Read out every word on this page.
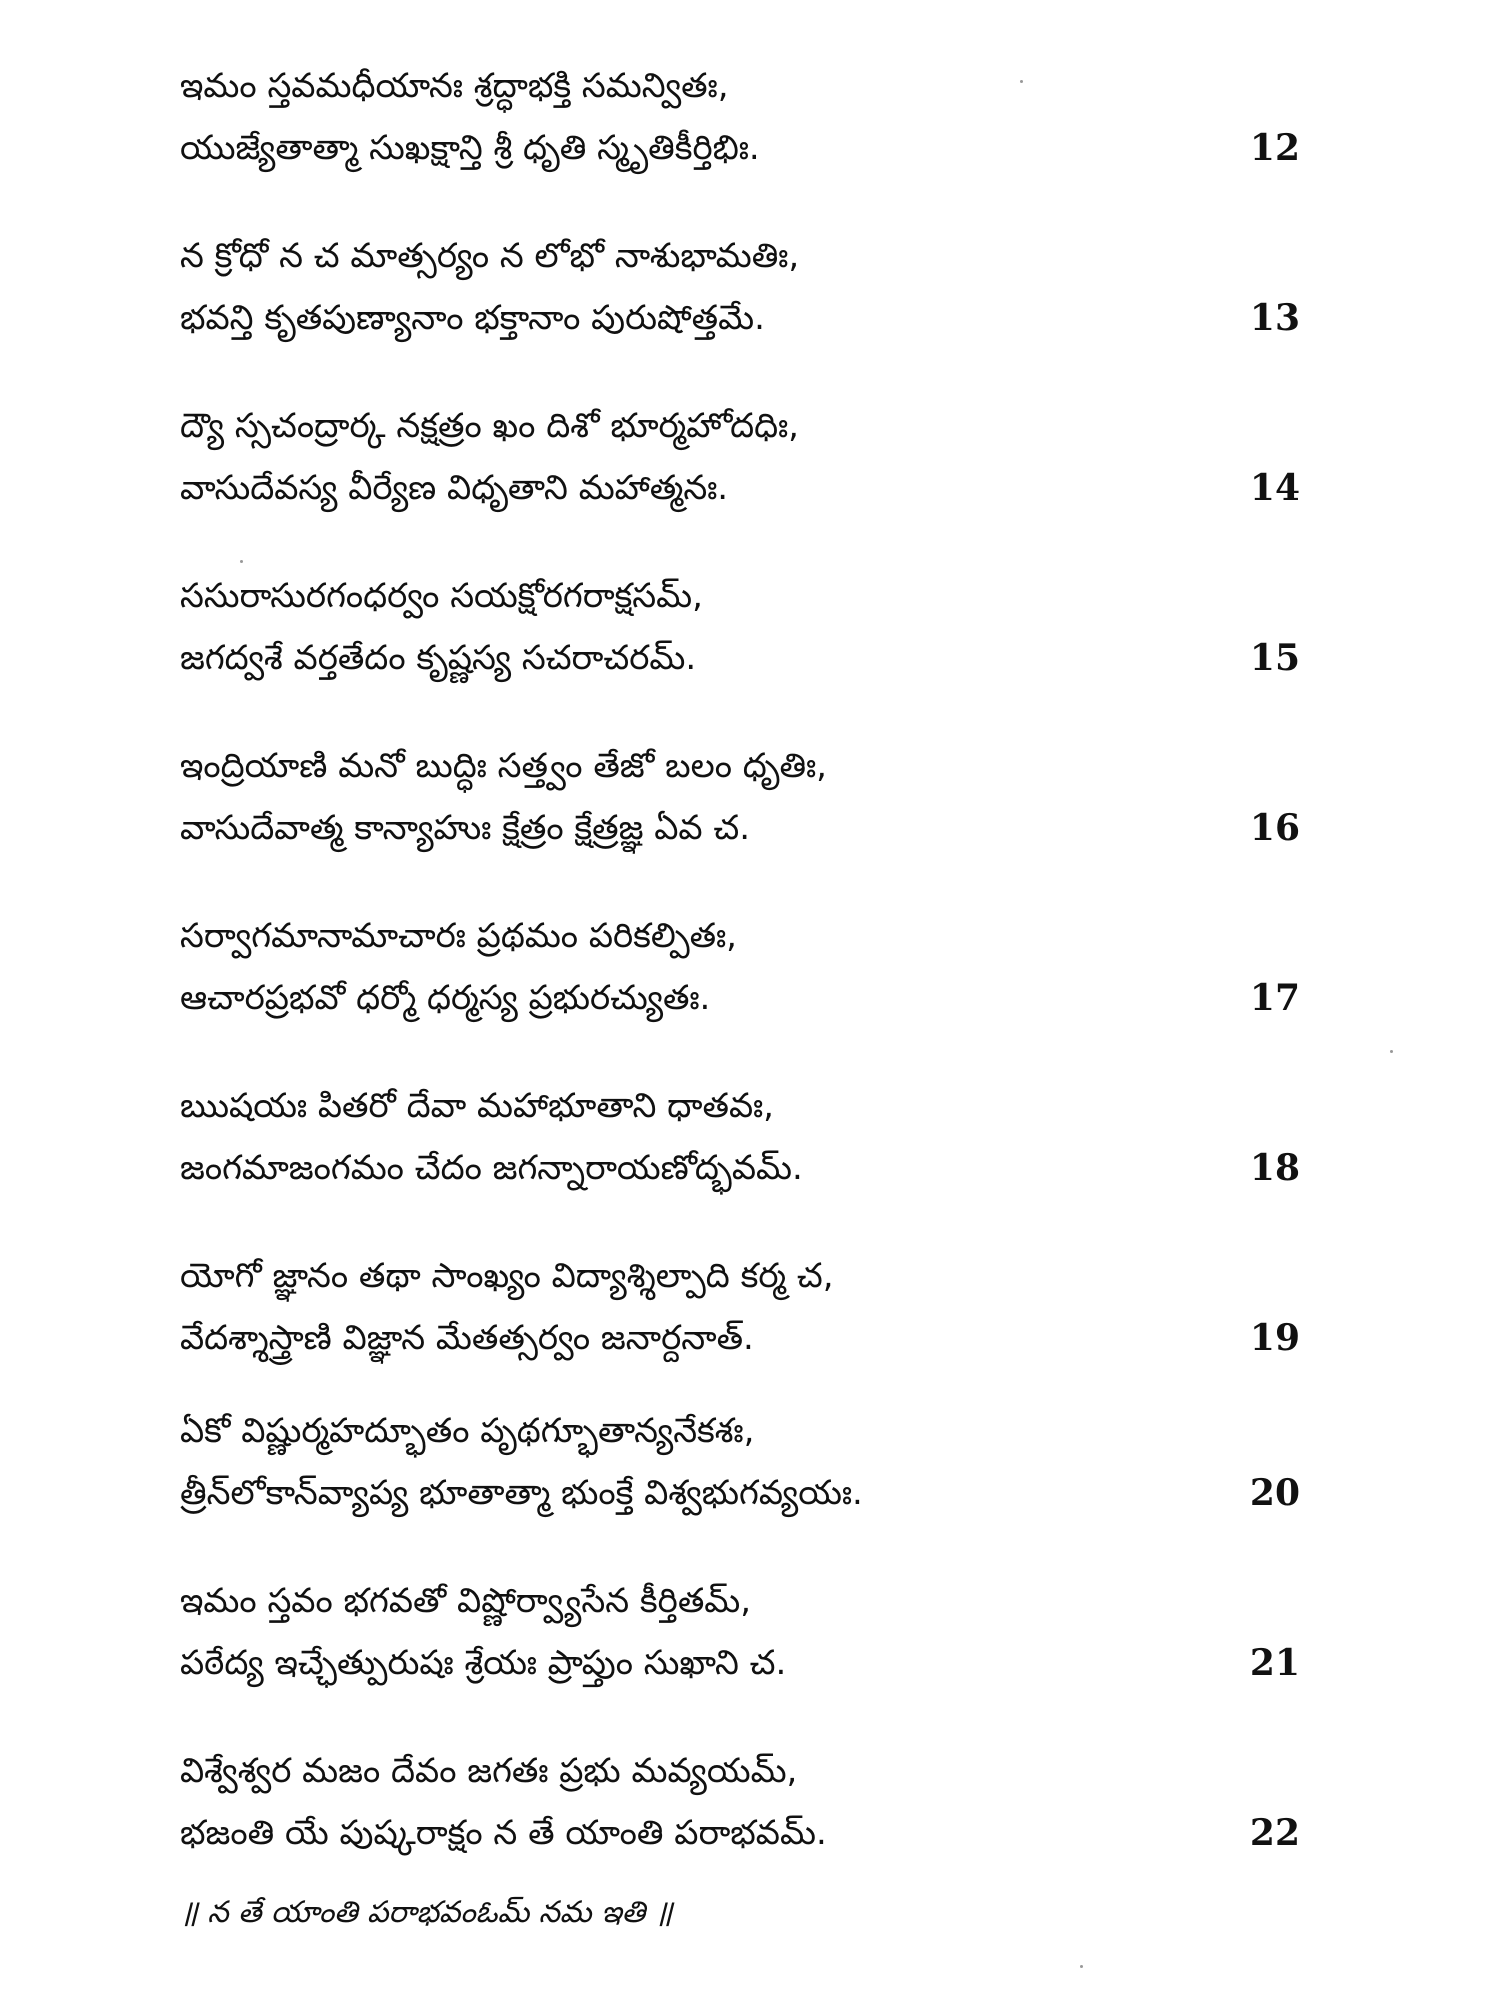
ఇమం స్తవమధీయానః శ్రద్ధాభక్తి సమన్వితః,
యుజ్యేతాత్మా సుఖక్షాన్తి శ్రీ ధృతి స్మృతికీర్తిభిః.	12
న క్రోధో న చ మాత్సర్యం న లోభో నాశుభామతిః,
భవన్తి కృతపుణ్యానాం భక్తానాం పురుషోత్తమే.	13
ద్యౌ స్సచంద్రార్క నక్షత్రం ఖం దిశో భూర్మహోదధిః,
వాసుదేవస్య వీర్యేణ విధృతాని మహాత్మనః.	14
ససురాసురగంధర్వం సయక్షోరగరాక్షసమ్,
జగద్వశే వర్తతేదం కృష్ణస్య సచరాచరమ్.	15
ఇంద్రియాణి మనో బుద్ధిః సత్త్వం తేజో బలం ధృతిః,
వాసుదేవాత్మ కాన్యాహుః క్షేత్రం క్షేత్రజ్ఞ ఏవ చ.	16
సర్వాగమానామాచారః ప్రథమం పరికల్పితః,
ఆచారప్రభవో ధర్మో ధర్మస్య ప్రభురచ్యుతః.	17
ఋషయః పితరో దేవా మహాభూతాని ధాతవః,
జంగమాజంగమం చేదం జగన్నారాయణోద్భవమ్.	18
యోగో జ్ఞానం తథా సాంఖ్యం విద్యాశ్శిల్పాది కర్మ చ,
వేదశ్శాస్త్రాణి విజ్ఞాన మేతత్సర్వం జనార్దనాత్.	19
ఏకో విష్ణుర్మహద్భూతం పృథగ్భూతాన్యనేకశః,
త్రీన్‌లోకాన్‌వ్యాప్య భూతాత్మా భుంక్తే విశ్వభుగవ్యయః.	20
ఇమం స్తవం భగవతో విష్ణోర్వ్యాసేన కీర్తితమ్,
పఠేద్య ఇచ్ఛేత్పురుషః శ్రేయః ప్రాప్తుం సుఖాని చ.	21
విశ్వేశ్వర మజం దేవం జగతః ప్రభు మవ్యయమ్,
భజంతి యే పుష్కరాక్షం న తే యాంతి పరాభవమ్.	22
॥ న తే యాంతి పరాభవంఓమ్ నమ ఇతి ॥
